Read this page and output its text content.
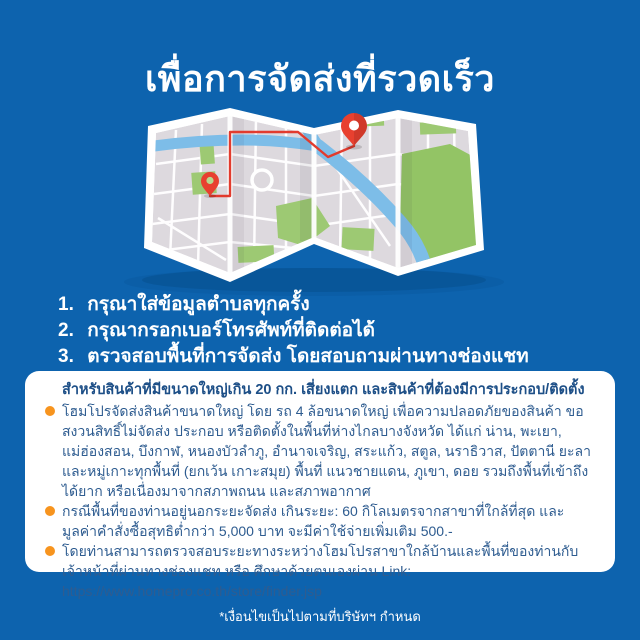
เพื่อการจัดส่งที่รวดเร็ว
1. กรุณาใส่ข้อมูลตำบลทุกครั้ง
2. กรุณากรอกเบอร์โทรศัพท์ที่ติดต่อได้
3. ตรวจสอบพื้นที่การจัดส่ง โดยสอบถามผ่านทางช่องแชท
สำหรับสินค้าที่มีขนาดใหญ่เกิน 20 กก. เสี่ยงแตก และสินค้าที่ต้องมีการประกอบ/ติดตั้ง
โฮมโปรจัดส่งสินค้าขนาดใหญ่ โดย รถ 4 ล้อขนาดใหญ่ เพื่อความปลอดภัยของสินค้า ขอสงวนสิทธิ์ไม่จัดส่ง ประกอบ หรือติดตั้งในพื้นที่ห่างไกลบางจังหวัด ได้แก่ น่าน, พะเยา, แม่ฮ่องสอน, บึงกาฬ, หนองบัวลำภู, อำนาจเจริญ, สระแก้ว, สตูล, นราธิวาส, ปัตตานี ยะลา และหมู่เกาะทุกพื้นที่ (ยกเว้น เกาะสมุย) พื้นที่ แนวชายแดน, ภูเขา, ดอย รวมถึงพื้นที่เข้าถึงได้ยาก หรือเนื่องมาจากสภาพถนน และสภาพอากาศ
กรณีพื้นที่ของท่านอยู่นอกระยะจัดส่ง เกินระยะ: 60 กิโลเมตรจากสาขาที่ใกล้ที่สุด และมูลค่าคำสั่งซื้อสุทธิต่ำกว่า 5,000 บาท จะมีค่าใช้จ่ายเพิ่มเติม 500.-
โดยท่านสามารถตรวจสอบระยะทางระหว่างโฮมโปรสาขาใกล้บ้านและพื้นที่ของท่านกับเจ้าหน้าที่ผ่านทางช่องแชท หรือ ศึกษาด้วยตนเองผ่าน Link: https://www.homepro.co.th/store/finder.jsp
*เงื่อนไขเป็นไปตามที่บริษัทฯ กำหนด
